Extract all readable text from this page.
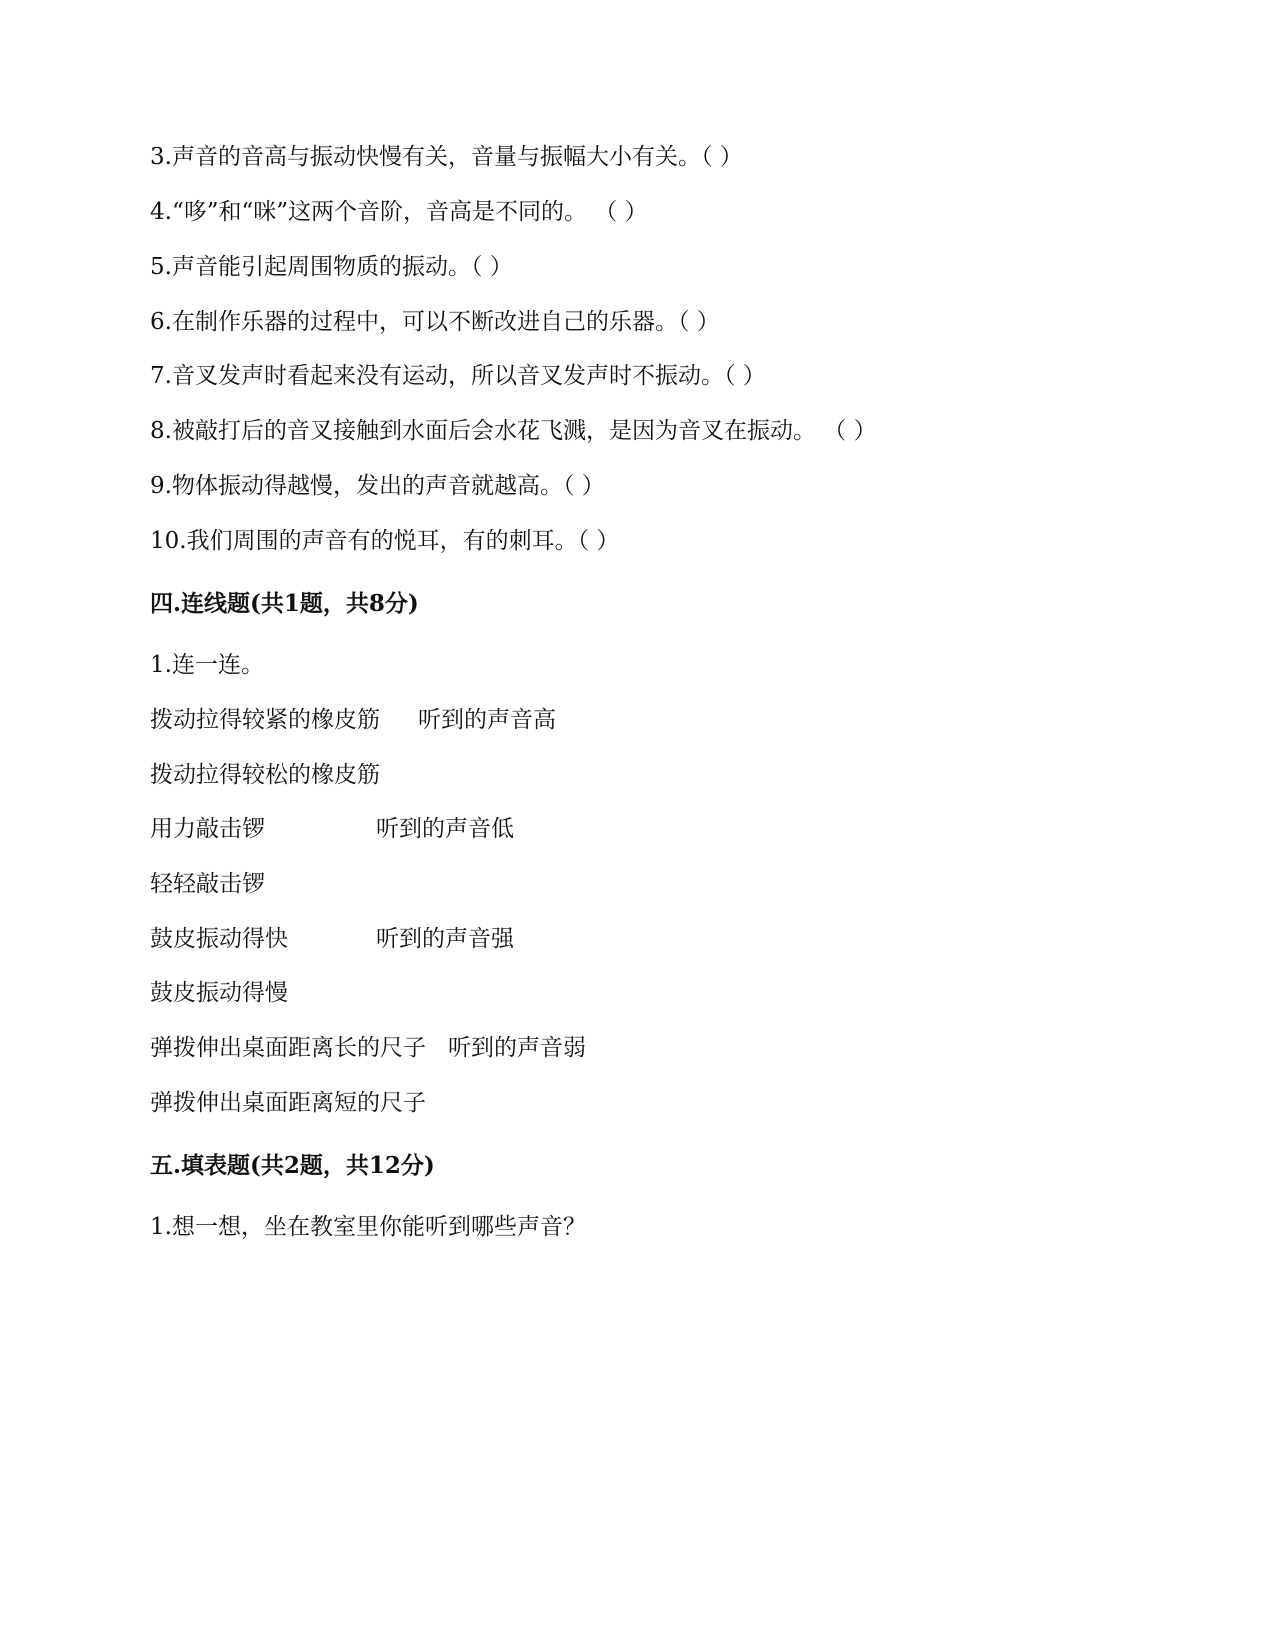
3.声音的音高与振动快慢有关，音量与振幅大小有关。（ ）
4.“哆”和“咪”这两个音阶，音高是不同的。 （ ）
5.声音能引起周围物质的振动。（ ）
6.在制作乐器的过程中，可以不断改进自己的乐器。（ ）
7.音叉发声时看起来没有运动，所以音叉发声时不振动。（ ）
8.被敲打后的音叉接触到水面后会水花飞溅，是因为音叉在振动。 （ ）
9.物体振动得越慢，发出的声音就越高。（ ）
10.我们周围的声音有的悦耳，有的刺耳。（ ）
四.连线题(共1题，共8分)
1.连一连。
拨动拉得较紧的橡皮筋 听到的声音高
拨动拉得较松的橡皮筋
用力敲击锣	听到的声音低
轻轻敲击锣
鼓皮振动得快	听到的声音强
鼓皮振动得慢
弹拨伸出桌面距离长的尺子 听到的声音弱
弹拨伸出桌面距离短的尺子
五.填表题(共2题，共12分)
1.想一想，坐在教室里你能听到哪些声音？
